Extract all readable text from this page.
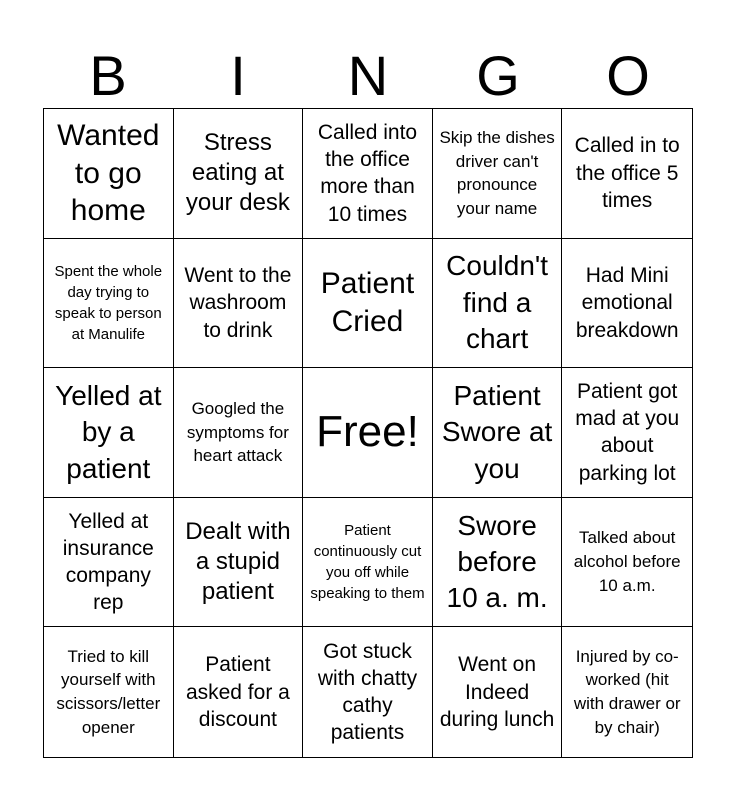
B	I	N	G	O
Wanted to go home
Stress eating at your desk
Called into the office more than 10 times
Skip the dishes driver can't pronounce your name
Called in to the office 5 times
Spent the whole day trying to speak to person at Manulife
Went to the washroom to drink
Patient Cried
Couldn't find a chart
Had Mini emotional breakdown
Yelled at by a patient
Googled the symptoms for heart attack Free!
Patient Swore at you
Patient got mad at you about parking lot
Yelled at insurance company rep
Dealt with a stupid patient
Patient continuously cut you off while speaking to them
Swore before 10 a. m.
Talked about alcohol before 10 a.m.
Tried to kill yourself with scissors/letter opener
Patient asked for a discount
Got stuck with chatty cathy patients
Went on Indeed during lunch
Injured by co-worked (hit with drawer or by chair)
